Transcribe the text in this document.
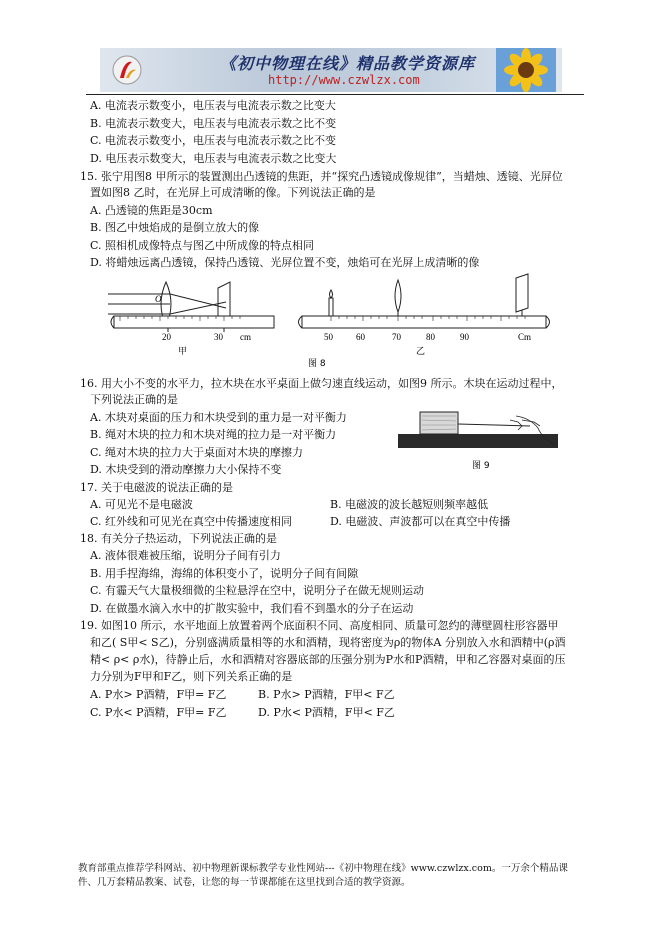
《初中物理在线》精品教学资源库
http://www.czwlzx.com
A. 电流表示数变小，电压表与电流表示数之比变大
B. 电流表示数变大，电压表与电流表示数之比不变
C. 电流表示数变小，电压表与电流表示数之比不变
D. 电压表示数变大，电压表与电流表示数之比变大
15. 张宁用图8 甲所示的装置测出凸透镜的焦距，并“探究凸透镜成像规律”，当蜡烛、透镜、光屏位
置如图8 乙时，在光屏上可成清晰的像。下列说法正确的是
A. 凸透镜的焦距是30cm
B. 图乙中烛焰成的是倒立放大的像
C. 照相机成像特点与图乙中所成像的特点相同
D. 将蜡烛远离凸透镜，保持凸透镜、光屏位置不变，烛焰可在光屏上成清晰的像
16. 用大小不变的水平力，拉木块在水平桌面上做匀速直线运动，如图9 所示。木块在运动过程中，
下列说法正确的是
A. 木块对桌面的压力和木块受到的重力是一对平衡力
B. 绳对木块的拉力和木块对绳的拉力是一对平衡力
C. 绳对木块的拉力大于桌面对木块的摩擦力
D. 木块受到的滑动摩擦力大小保持不变
17. 关于电磁波的说法正确的是
A. 可见光不是电磁波	B. 电磁波的波长越短则频率越低
C. 红外线和可见光在真空中传播速度相同	D. 电磁波、声波都可以在真空中传播
18. 有关分子热运动，下列说法正确的是
A. 液体很难被压缩，说明分子间有引力
B. 用手捏海绵，海绵的体积变小了，说明分子间有间隙
C. 有霾天气大量极细微的尘粒悬浮在空中，说明分子在做无规则运动
D. 在做墨水滴入水中的扩散实验中，我们看不到墨水的分子在运动
19. 如图10 所示，水平地面上放置着两个底面积不同、高度相同、质量可忽约的薄壁圆柱形容器甲
和乙( S甲< S乙)，分别盛满质量相等的水和酒精，现将密度为ρ的物体A 分别放入水和酒精中(ρ酒
精< ρ< ρ水)，待静止后，水和酒精对容器底部的压强分别为P水和P酒精，甲和乙容器对桌面的压
力分别为F甲和F乙，则下列关系正确的是
A. P水> P酒精，F甲= F乙	B. P水> P酒精，F甲< F乙
C. P水< P酒精，F甲= F乙	D. P水< P酒精，F甲< F乙
O
20	30 cm
甲
50	60	70	80	90	Cm
乙
图 8
图 9
教育部重点推荐学科网站、初中物理新课标教学专业性网站---《初中物理在线》www.czwlzx.com。一万余个精品课
件、几万套精品教案、试卷，让您的每一节课都能在这里找到合适的教学资源。
